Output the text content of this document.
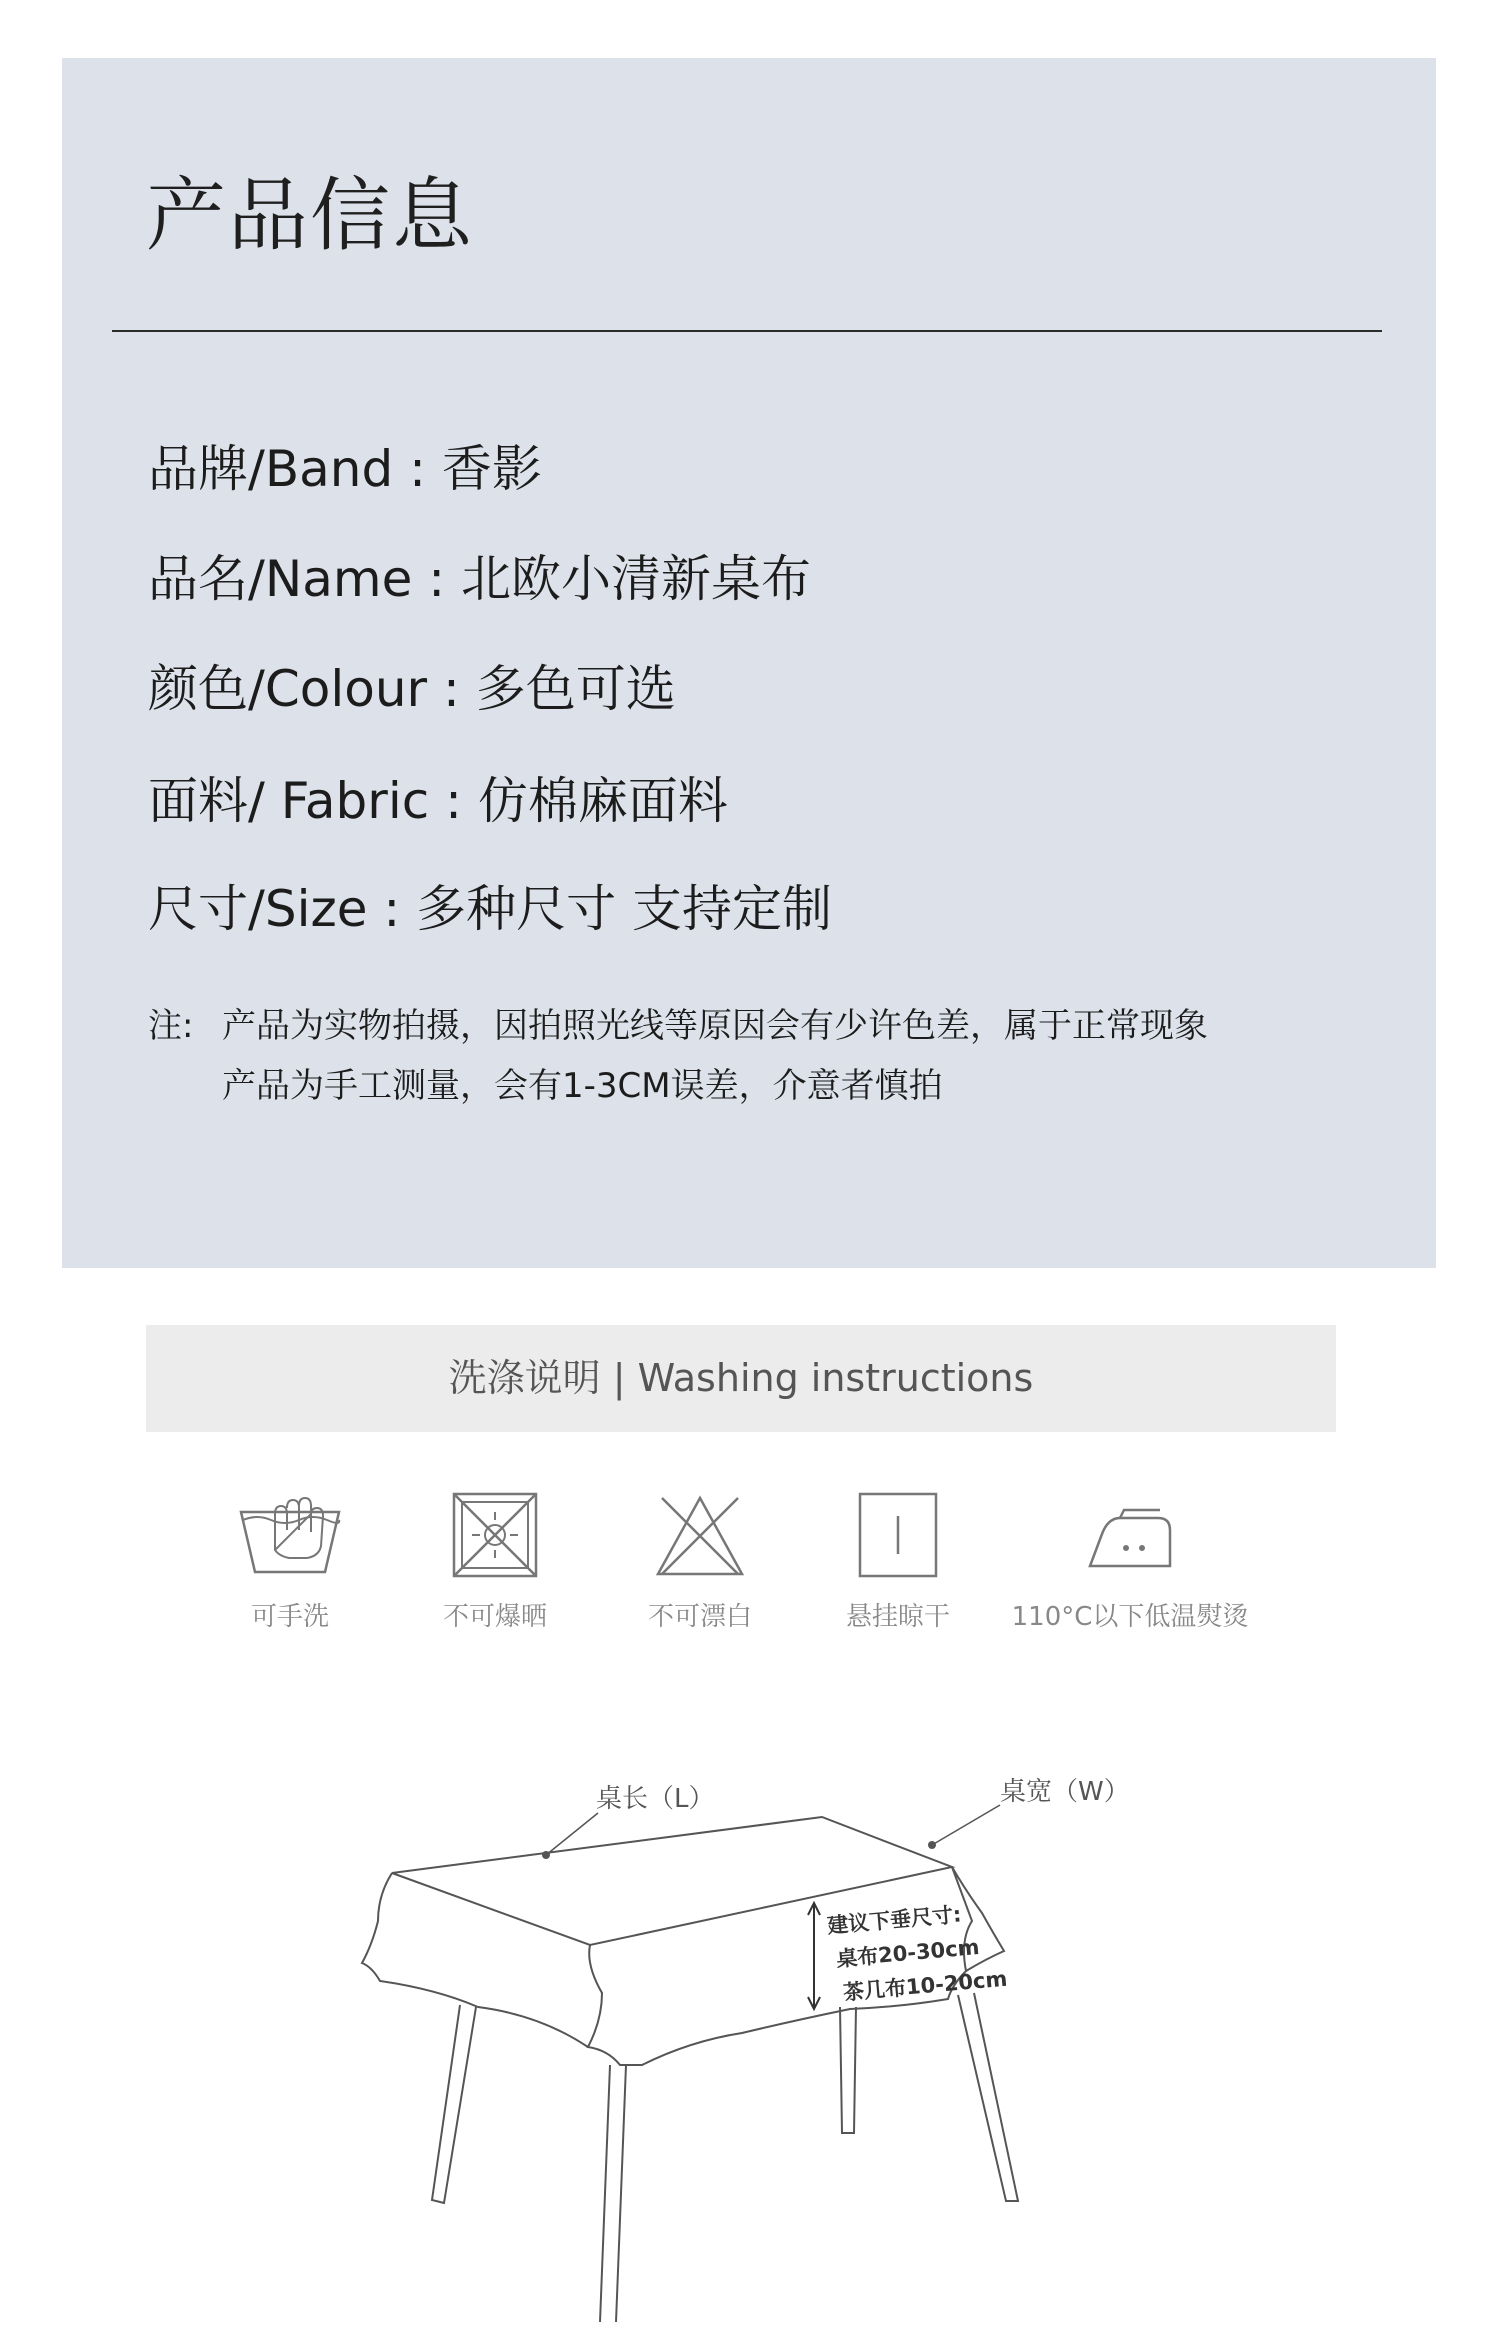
产品信息
品牌/Band : 香影
品名/Name : 北欧小清新桌布
颜色/Colour : 多色可选
面料/ Fabric : 仿棉麻面料
尺寸/Size : 多种尺寸 支持定制
注: 产品为实物拍摄，因拍照光线等原因会有少许色差，属于正常现象
产品为手工测量，会有1-3CM误差，介意者慎拍
洗涤说明 | Washing instructions
可手洗	不可爆晒	不可漂白	悬挂晾干	110°C以下低温熨烫
桌长（L）	桌宽（W）
建议下垂尺寸:
桌布20-30cm
茶几布10-20cm
